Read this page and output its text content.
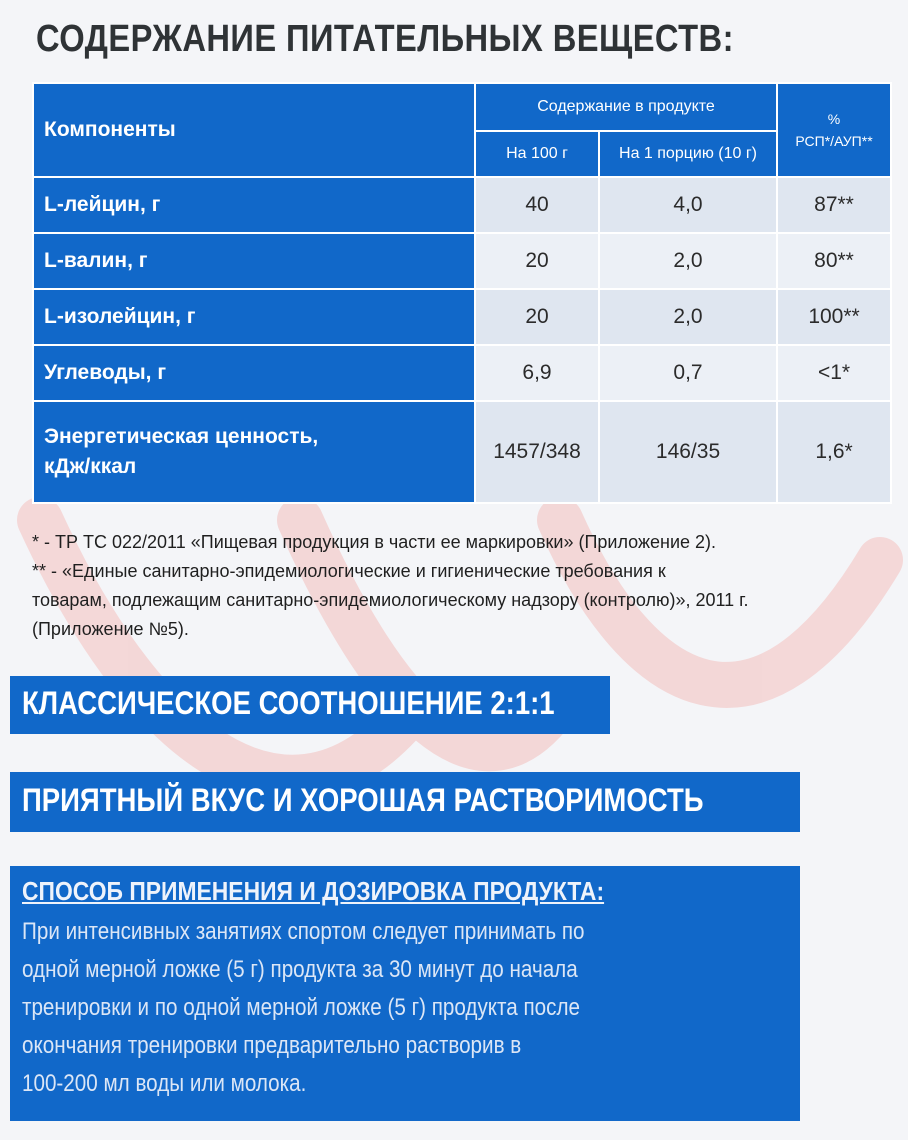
СОДЕРЖАНИЕ ПИТАТЕЛЬНЫХ ВЕЩЕСТВ:
Компоненты	Содержание в продукте		%
РСП*/АУП**

	На 100 г	На 1 порцию (10 г)	
L-лейцин, г	40	4,0	87**
L-валин, г	20	2,0	80**
L-изолейцин, г	20	2,0	100**
Углеводы, г	6,9	0,7	<1*

Энергетическая ценность,
кДж/ккал	1457/348	146/35	1,6*

* - ТР ТС 022/2011 «Пищевая продукция в части ее маркировки» (Приложение 2).

** - «Единые санитарно-эпидемиологические и гигиенические требования к

товарам, подлежащим санитарно-эпидемиологическому надзору (контролю)», 2011 г.

(Приложение №5).

КЛАССИЧЕСКОЕ СООТНОШЕНИЕ 2:1:1
ПРИЯТНЫЙ ВКУС И ХОРОШАЯ РАСТВОРИМОСТЬ
СПОСОБ ПРИМЕНЕНИЯ И ДОЗИРОВКА ПРОДУКТА:
При интенсивных занятиях спортом следует принимать по
одной мерной ложке (5 г) продукта за 30 минут до начала
тренировки и по одной мерной ложке (5 г) продукта после
окончания тренировки предварительно растворив в
100-200 мл воды или молока.
